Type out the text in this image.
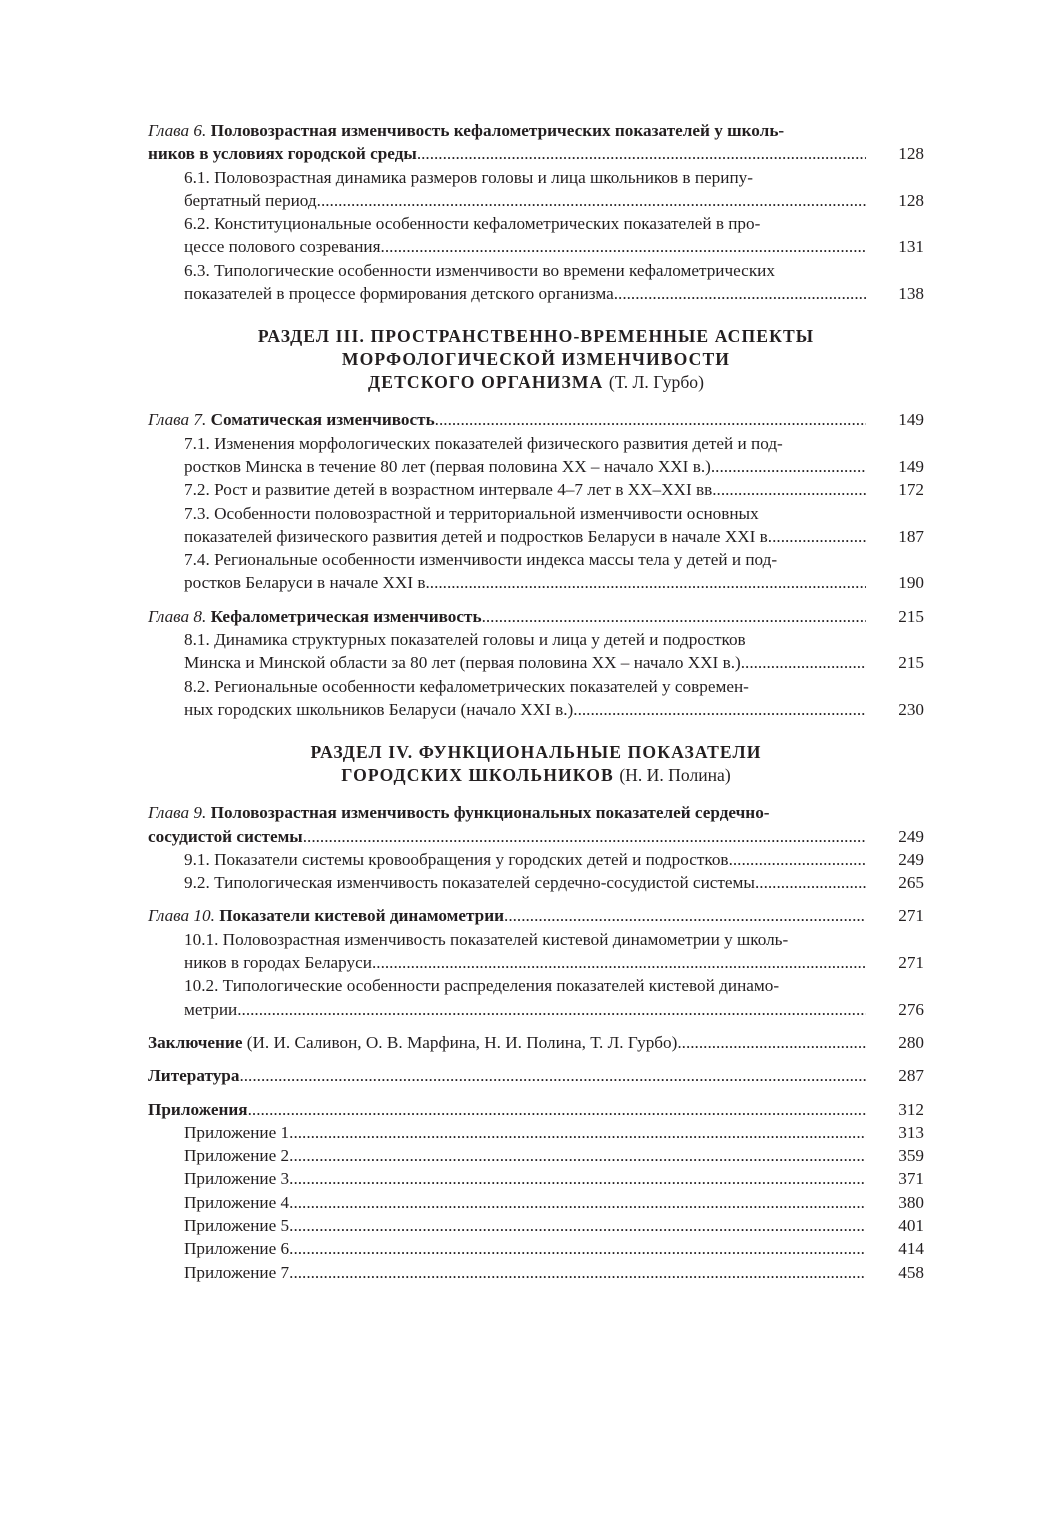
Глава 6. Половозрастная изменчивость кефалометрических показателей у школь-
ников в условиях городской среды .....	128
6.1. Половозрастная динамика размеров головы и лица школьников в перипу-
бертатный период .....	128
6.2. Конституциональные особенности кефалометрических показателей в про-
цессе полового созревания .....	131
6.3. Типологические особенности изменчивости во времени кефалометрических
показателей в процессе формирования детского организма .....	138
РАЗДЕЛ III. ПРОСТРАНСТВЕННО-ВРЕМЕННЫЕ АСПЕКТЫ
МОРФОЛОГИЧЕСКОЙ ИЗМЕНЧИВОСТИ
ДЕТСКОГО ОРГАНИЗМА (Т. Л. Гурбо)
Глава 7. Соматическая изменчивость .....	149
7.1. Изменения морфологических показателей физического развития детей и под-
ростков Минска в течение 80 лет (первая половина XX – начало XXI в.) .....	149
7.2. Рост и развитие детей в возрастном интервале 4–7 лет в XX–XXI вв. .....	172
7.3. Особенности половозрастной и территориальной изменчивости основных
показателей физического развития детей и подростков Беларуси в начале XXI в. .....	187
7.4. Региональные особенности изменчивости индекса массы тела у детей и под-
ростков Беларуси в начале XXI в. .....	190
Глава 8. Кефалометрическая изменчивость .....	215
8.1. Динамика структурных показателей головы и лица у детей и подростков
Минска и Минской области за 80 лет (первая половина XX – начало XXI в.) .....	215
8.2. Региональные особенности кефалометрических показателей у современ-
ных городских школьников Беларуси (начало XXI в.) .....	230
РАЗДЕЛ IV. ФУНКЦИОНАЛЬНЫЕ ПОКАЗАТЕЛИ
ГОРОДСКИХ ШКОЛЬНИКОВ (Н. И. Полина)
Глава 9. Половозрастная изменчивость функциональных показателей сердечно-
сосудистой системы .....	249
9.1. Показатели системы кровообращения у городских детей и подростков .....	249
9.2. Типологическая изменчивость показателей сердечно-сосудистой системы .....	265
Глава 10. Показатели кистевой динамометрии .....	271
10.1. Половозрастная изменчивость показателей кистевой динамометрии у школь-
ников в городах Беларуси .....	271
10.2. Типологические особенности распределения показателей кистевой динамо-
метрии .....	276
Заключение (И. И. Саливон, О. В. Марфина, Н. И. Полина, Т. Л. Гурбо) .....	280
Литература .....	287
Приложения .....	312
Приложение 1 .....	313
Приложение 2 .....	359
Приложение 3 .....	371
Приложение 4 .....	380
Приложение 5 .....	401
Приложение 6 .....	414
Приложение 7 .....	458
